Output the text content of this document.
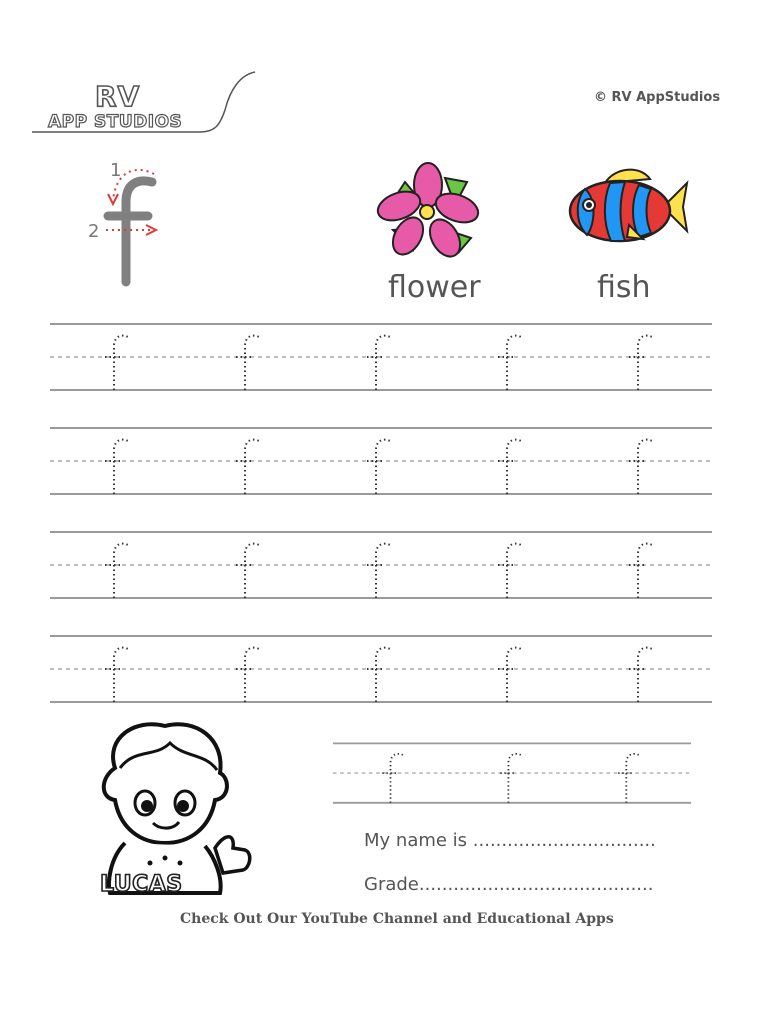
RV
APP STUDIOS
© RV AppStudios
1
2
flower	fish
LUCAS
My name is ................................
Grade.........................................
Check Out Our YouTube Channel and Educational Apps
